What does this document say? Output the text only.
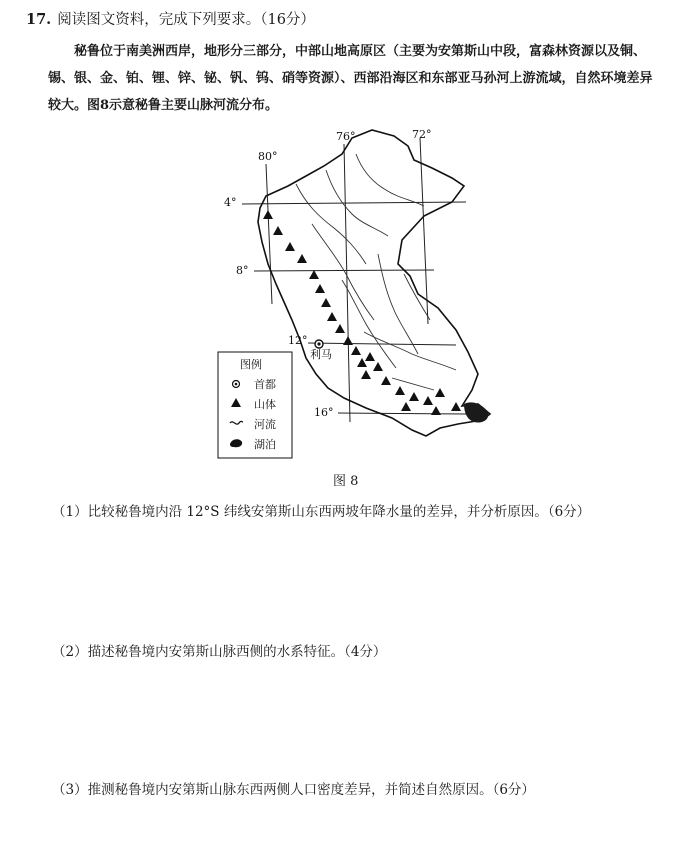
17. 阅读图文资料，完成下列要求。（16分）

秘鲁位于南美洲西岸，地形分三部分，中部山地高原区（主要为安第斯山中段，富森林资源以及铜、锡、银、金、铂、锂、锌、铋、钒、钨、硝等资源）、西部沿海区和东部亚马孙河上游流域，自然环境差异较大。图8示意秘鲁主要山脉河流分布。

利马
80°
76°	72°
4°
8°
12°
16°
图例
首都
山体
河流
湖泊
图 8
（1）比较秘鲁境内沿 12°S 纬线安第斯山东西两坡年降水量的差异，并分析原因。（6分）
（2）描述秘鲁境内安第斯山脉西侧的水系特征。（4分）
（3）推测秘鲁境内安第斯山脉东西两侧人口密度差异，并简述自然原因。（6分）
